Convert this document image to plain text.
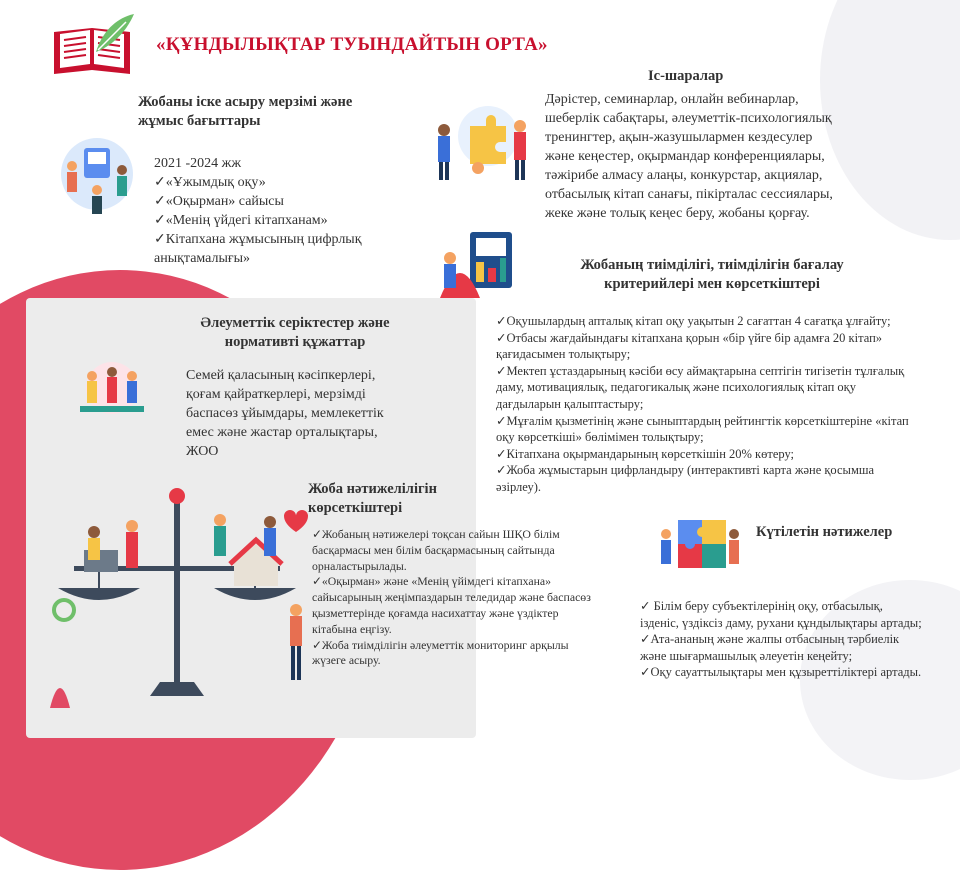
«ҚҰНДЫЛЫҚТАР ТУЫНДАЙТЫН ОРТА»
Жобаны іске асыру мерзімі және
жұмыс бағыттары
2021 -2024 жж
✓«Ұжымдық оқу»
✓«Оқырман» сайысы
✓«Менің үйдегі кітапханам»
✓Кітапхана жұмысының цифрлық
анықтамалығы»
Іс-шаралар
Дәрістер, семинарлар, онлайн вебинарлар,
шеберлік сабақтары, әлеуметтік-психологиялық
тренингтер, ақын-жазушылармен кездесулер
және кеңестер, оқырмандар конференциялары,
тәжірибе алмасу алаңы, конкурстар, акциялар,
отбасылық кітап санағы, пікірталас сессиялары,
жеке және толық кеңес беру, жобаны қорғау.
Жобаның тиімділігі, тиімділігін бағалау
критерийлері мен көрсеткіштері
✓Оқушылардың апталық кітап оқу уақытын 2 сағаттан 4 сағатқа ұлғайту;
✓Отбасы жағдайындағы кітапхана қорын «бір үйге бір адамға 20 кітап»
қағидасымен толықтыру;
✓Мектеп ұстаздарының кәсіби өсу аймақтарына септігін тигізетін тұлғалық
даму, мотивациялық, педагогикалық және психологиялық кітап оқу
дағдыларын қалыптастыру;
✓Мұғалім қызметінің және сыныптардың рейтингтік көрсеткіштеріне «кітап
оқу көрсеткіші» бөлімімен толықтыру;
✓Кітапхана оқырмандарының көрсеткішін 20% көтеру;
✓Жоба жұмыстарын цифрландыру (интерактивті карта және қосымша
әзірлеу).
Әлеуметтік серіктестер және
нормативті құжаттар
Семей қаласының кәсіпкерлері,
қоғам қайраткерлері, мерзімді
баспасөз ұйымдары, мемлекеттік
емес және жастар орталықтары,
ЖОО
Жоба нәтижелілігін
көрсеткіштері
✓Жобаның нәтижелері тоқсан сайын ШҚО білім
басқармасы мен білім басқармасының сайтында
орналастырылады.
✓«Оқырман» және «Менің үйімдегі кітапхана»
сайысарының жеңімпаздарын теледидар және баспасөз
қызметтерінде қоғамда насихаттау және үздіктер
кітабына еңгізу.
✓Жоба тиімділігін әлеуметтік мониторинг арқылы
жүзеге асыру.
Күтілетін нәтижелер
✓ Білім беру субъектілерінің оқу, отбасылық,
ізденіс, үздіксіз даму, рухани құндылықтары артады;
✓Ата-ананың және жалпы отбасының тәрбиелік
және шығармашылық әлеуетін кеңейту;
✓Оқу сауаттылықтары мен құзыреттіліктері артады.
